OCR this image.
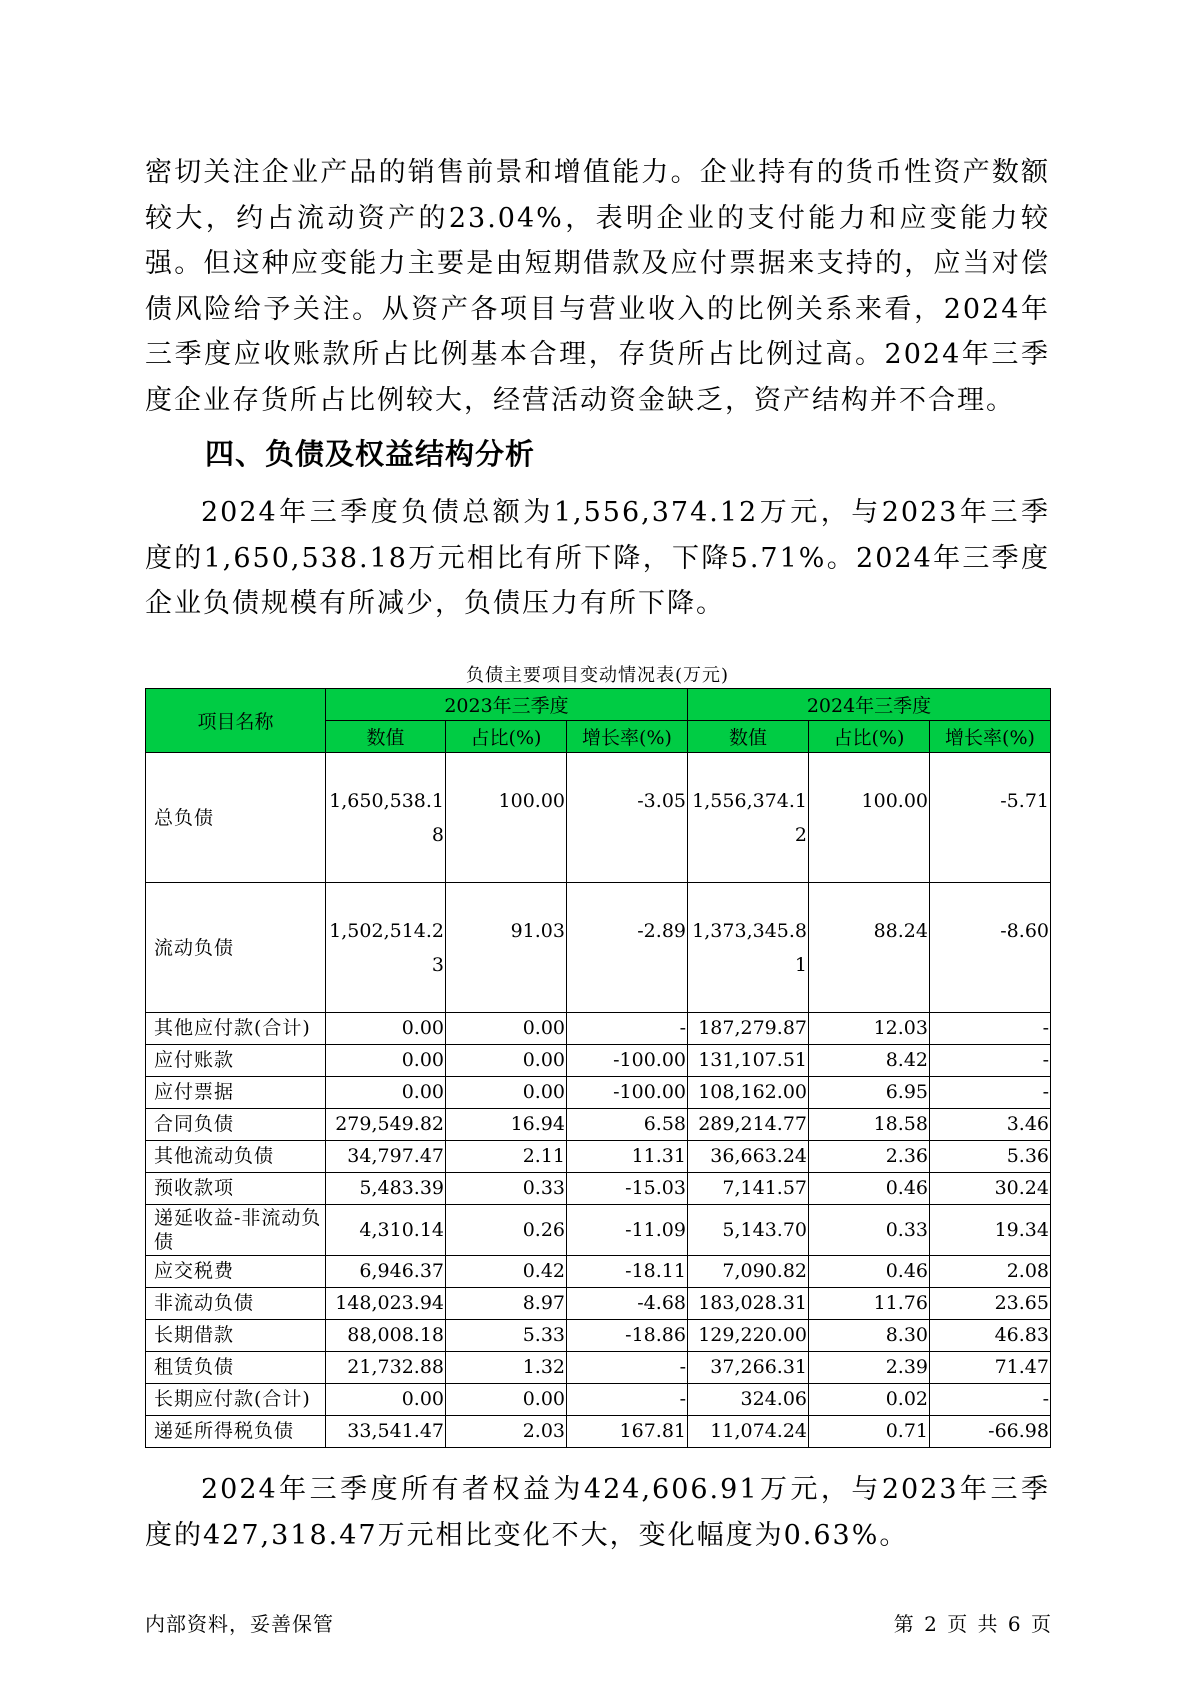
密切关注企业产品的销售前景和增值能力。企业持有的货币性资产数额较大，约占流动资产的23.04%，表明企业的支付能力和应变能力较强。但这种应变能力主要是由短期借款及应付票据来支持的，应当对偿债风险给予关注。从资产各项目与营业收入的比例关系来看，2024年三季度应收账款所占比例基本合理，存货所占比例过高。2024年三季度企业存货所占比例较大，经营活动资金缺乏，资产结构并不合理。

四、负债及权益结构分析

2024年三季度负债总额为1,556,374.12万元，与2023年三季度的1,650,538.18万元相比有所下降，下降5.71%。2024年三季度企业负债规模有所减少，负债压力有所下降。

负债主要项目变动情况表(万元)
项目名称	2023年三季度			2024年三季度		
	数值	占比(%)	增长率(%)	数值	占比(%)	增长率(%)
总负债	1,650,538.18	100.00	-3.05	1,556,374.12	100.00	-5.71
流动负债	1,502,514.23	91.03	-2.89	1,373,345.81	88.24	-8.60
其他应付款(合计)	0.00	0.00	-	187,279.87	12.03	-
应付账款	0.00	0.00	-100.00	131,107.51	8.42	-
应付票据	0.00	0.00	-100.00	108,162.00	6.95	-
合同负债	279,549.82	16.94	6.58	289,214.77	18.58	3.46
其他流动负债	34,797.47	2.11	11.31	36,663.24	2.36	5.36
预收款项	5,483.39	0.33	-15.03	7,141.57	0.46	30.24
递延收益-非流动负债	4,310.14	0.26	-11.09	5,143.70	0.33	19.34
应交税费	6,946.37	0.42	-18.11	7,090.82	0.46	2.08
非流动负债	148,023.94	8.97	-4.68	183,028.31	11.76	23.65
长期借款	88,008.18	5.33	-18.86	129,220.00	8.30	46.83
租赁负债	21,732.88	1.32	-	37,266.31	2.39	71.47
长期应付款(合计)	0.00	0.00	-	324.06	0.02	-
递延所得税负债	33,541.47	2.03	167.81	11,074.24	0.71	-66.98

2024年三季度所有者权益为424,606.91万元，与2023年三季度的427,318.47万元相比变化不大，变化幅度为0.63%。

内部资料，妥善保管	第 2 页 共 6 页
